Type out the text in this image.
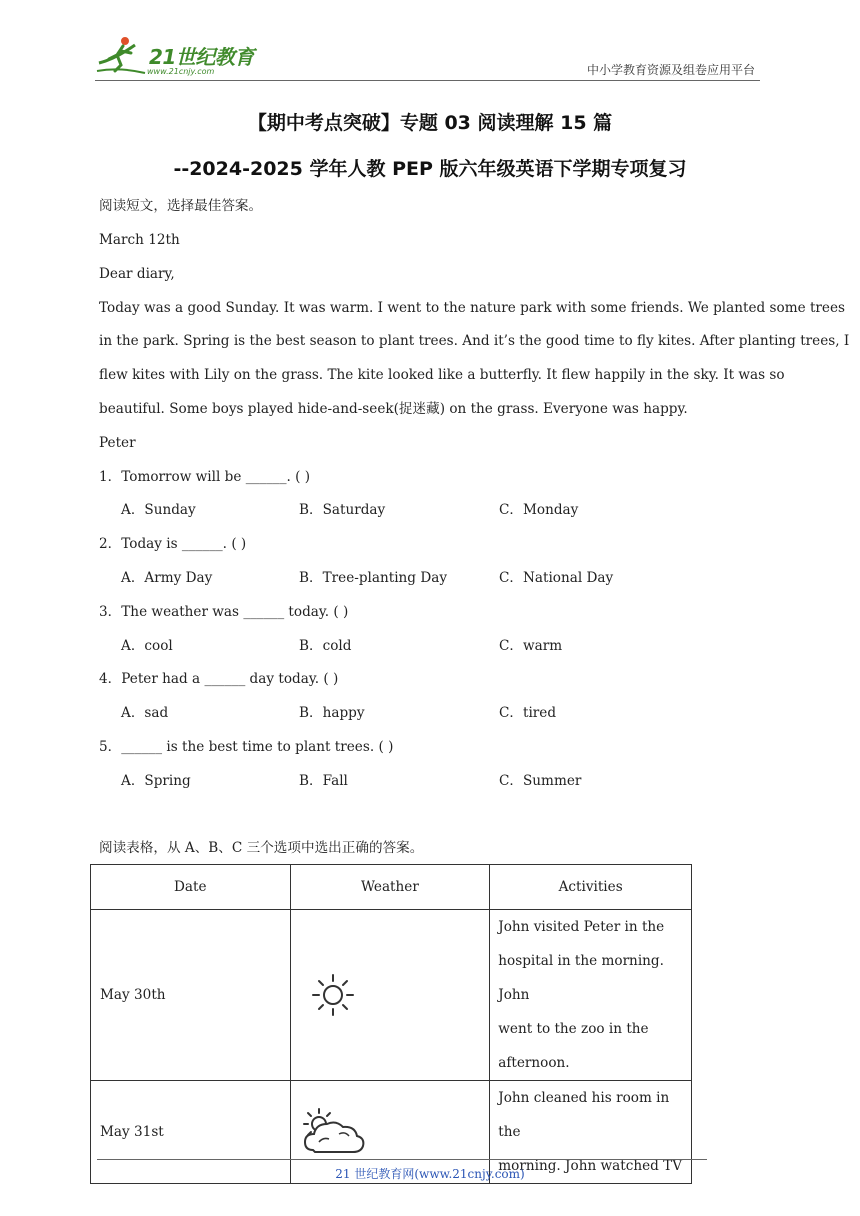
21世纪教育
www.21cnjy.com	中小学教育资源及组卷应用平台
【期中考点突破】专题 03 阅读理解 15 篇
--2024-2025 学年人教 PEP 版六年级英语下学期专项复习
阅读短文，选择最佳答案。
March 12th
Dear diary,
Today was a good Sunday. It was warm. I went to the nature park with some friends. We planted some trees
in the park. Spring is the best season to plant trees. And it’s the good time to fly kites. After planting trees, I
flew kites with Lily on the grass. The kite looked like a butterfly. It flew happily in the sky. It was so
beautiful. Some boys played hide-and-seek(捉迷藏) on the grass. Everyone was happy.
Peter
1．Tomorrow will be ______. ( )
A．Sunday	B．Saturday	C．Monday
2．Today is ______. ( )
A．Army Day	B．Tree-planting Day	C．National Day
3．The weather was ______ today. ( )
A．cool	B．cold	C．warm
4．Peter had a ______ day today. ( )
A．sad	B．happy	C．tired
5．______ is the best time to plant trees. ( )
A．Spring	B．Fall	C．Summer
阅读表格，从 A、B、C 三个选项中选出正确的答案。
Date	Weather	Activities
May 30th		John visited Peter in the
hospital in the morning. John
went to the zoo in the
afternoon.

May 31st		John cleaned his room in the
morning. John watched TV
21 世纪教育网(www.21cnjy.com)
